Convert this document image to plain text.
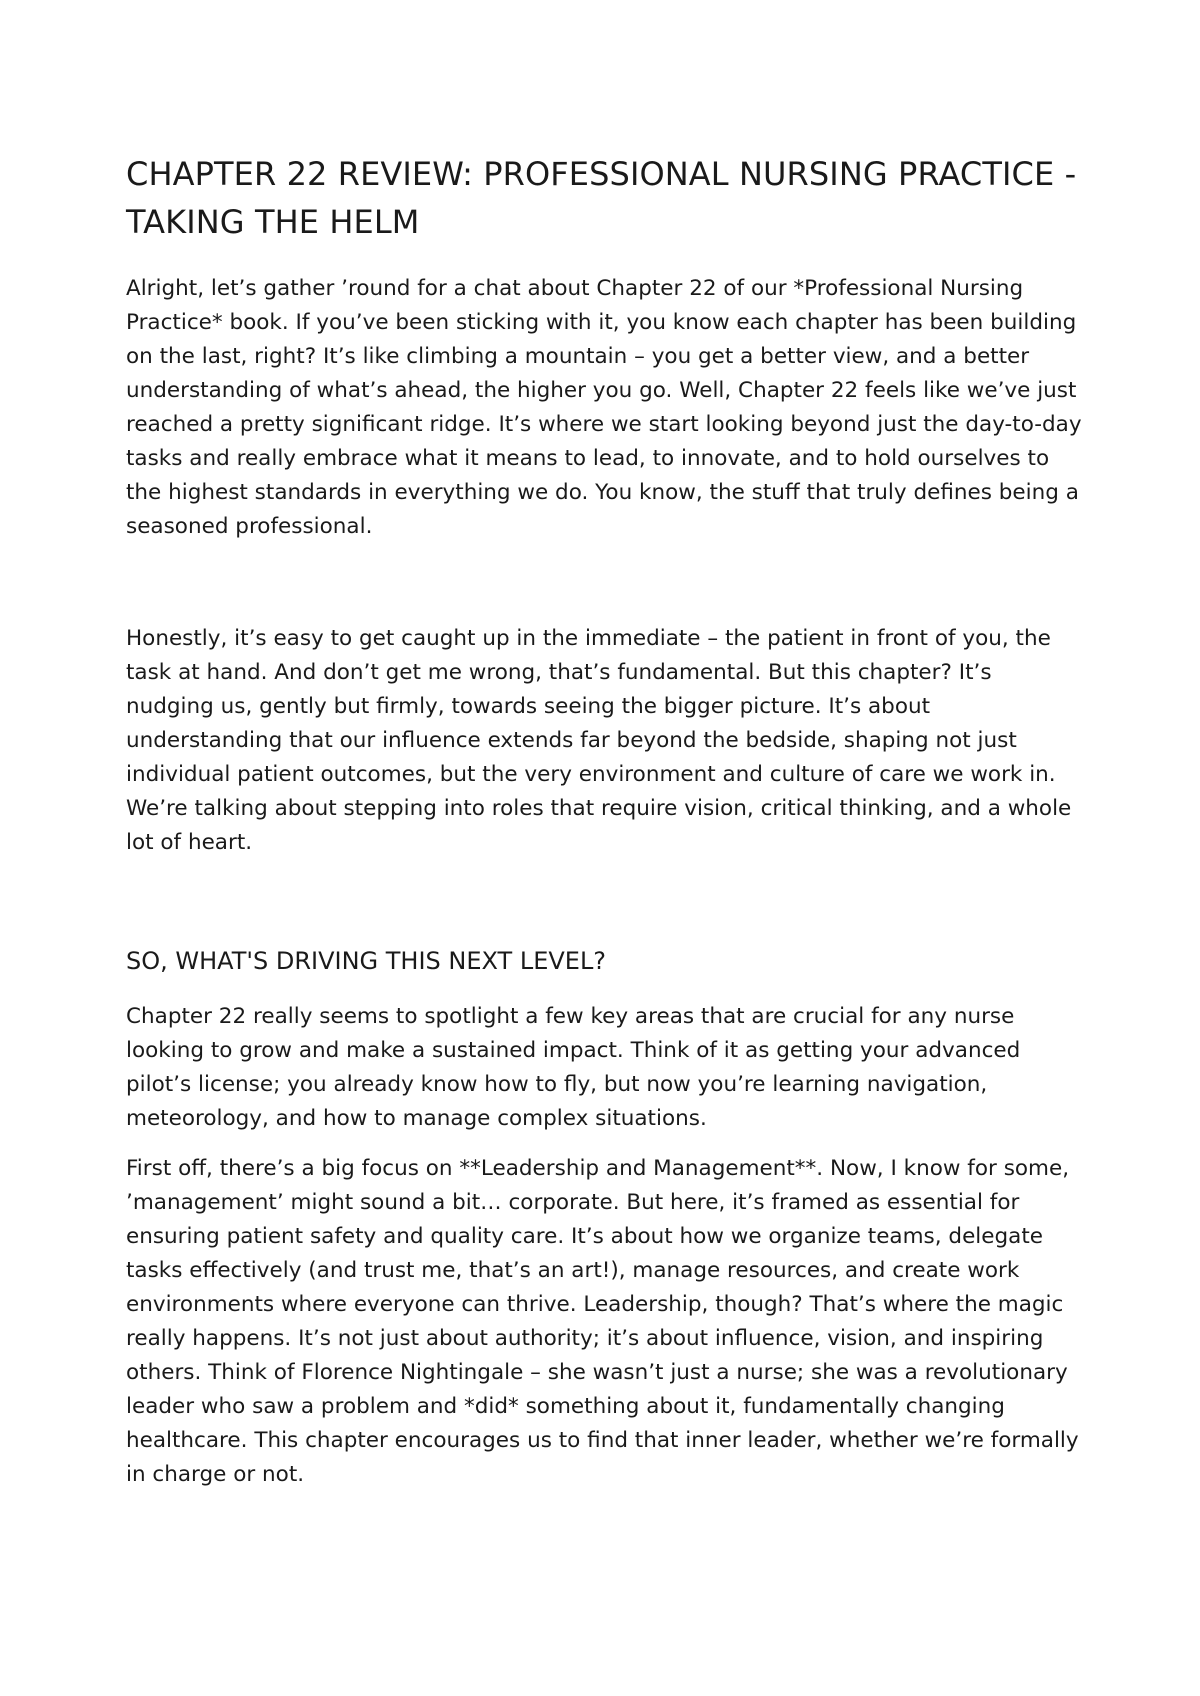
CHAPTER 22 REVIEW: PROFESSIONAL NURSING PRACTICE - TAKING THE HELM

Alright, let’s gather ’round for a chat about Chapter 22 of our *Professional Nursing Practice* book. If you’ve been sticking with it, you know each chapter has been building on the last, right? It’s like climbing a mountain – you get a better view, and a better understanding of what’s ahead, the higher you go. Well, Chapter 22 feels like we’ve just reached a pretty significant ridge. It’s where we start looking beyond just the day-to-day tasks and really embrace what it means to lead, to innovate, and to hold ourselves to the highest standards in everything we do. You know, the stuff that truly defines being a seasoned professional.

Honestly, it’s easy to get caught up in the immediate – the patient in front of you, the task at hand. And don’t get me wrong, that’s fundamental. But this chapter? It’s nudging us, gently but firmly, towards seeing the bigger picture. It’s about understanding that our influence extends far beyond the bedside, shaping not just individual patient outcomes, but the very environment and culture of care we work in. We’re talking about stepping into roles that require vision, critical thinking, and a whole lot of heart.

SO, WHAT'S DRIVING THIS NEXT LEVEL?

Chapter 22 really seems to spotlight a few key areas that are crucial for any nurse looking to grow and make a sustained impact. Think of it as getting your advanced pilot’s license; you already know how to fly, but now you’re learning navigation, meteorology, and how to manage complex situations.

First off, there’s a big focus on **Leadership and Management**. Now, I know for some, ’management’ might sound a bit… corporate. But here, it’s framed as essential for ensuring patient safety and quality care. It’s about how we organize teams, delegate tasks effectively (and trust me, that’s an art!), manage resources, and create work environments where everyone can thrive. Leadership, though? That’s where the magic really happens. It’s not just about authority; it’s about influence, vision, and inspiring others. Think of Florence Nightingale – she wasn’t just a nurse; she was a revolutionary leader who saw a problem and *did* something about it, fundamentally changing healthcare. This chapter encourages us to find that inner leader, whether we’re formally in charge or not.
